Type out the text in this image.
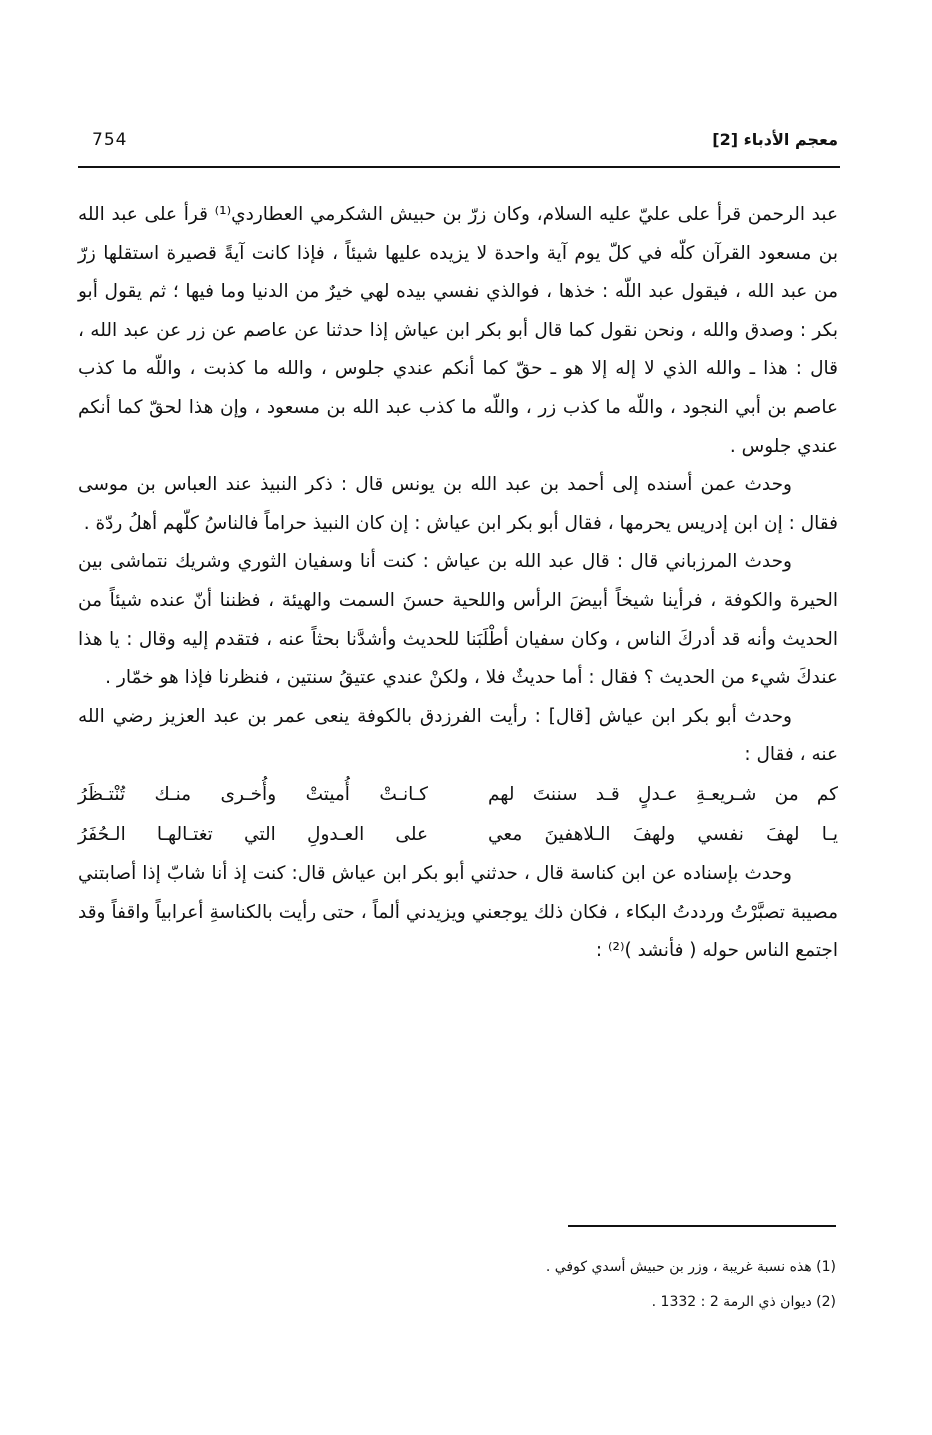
754	معجم الأدباء [2]

عبد الرحمن قرأ على عليّ عليه السلام، وكان زرّ بن حبيش الشكرمي العطاردي⁽¹⁾ قرأ على عبد الله بن مسعود القرآن كلّه في كلّ يوم آية واحدة لا يزيده عليها شيئاً ، فإذا كانت آيةً قصيرة استقلها زرّ من عبد الله ، فيقول عبد اللّه : خذها ، فوالذي نفسي بيده لهي خيرٌ من الدنيا وما فيها ؛ ثم يقول أبو بكر : وصدق والله ، ونحن نقول كما قال أبو بكر ابن عياش إذا حدثنا عن عاصم عن زر عن عبد الله ، قال : هذا ـ والله الذي لا إله إلا هو ـ حقّ كما أنكم عندي جلوس ، والله ما كذبت ، واللّه ما كذب عاصم بن أبي النجود ، واللّه ما كذب زر ، واللّه ما كذب عبد الله بن مسعود ، وإن هذا لحقّ كما أنكم عندي جلوس .

وحدث عمن أسنده إلى أحمد بن عبد الله بن يونس قال : ذكر النبيذ عند العباس بن موسى فقال : إن ابن إدريس يحرمها ، فقال أبو بكر ابن عياش : إن كان النبيذ حراماً فالناسُ كلّهم أهلُ ردّة .

وحدث المرزباني قال : قال عبد الله بن عياش : كنت أنا وسفيان الثوري وشريك نتماشى بين الحيرة والكوفة ، فرأينا شيخاً أبيضَ الرأس واللحية حسنَ السمت والهيئة ، فظننا أنّ عنده شيئاً من الحديث وأنه قد أدركَ الناس ، وكان سفيان أطْلَبَنا للحديث وأشدَّنا بحثاً عنه ، فتقدم إليه وقال : يا هذا عندكَ شيء من الحديث ؟ فقال : أما حديثٌ فلا ، ولكنْ عندي عتيقُ سنتين ، فنظرنا فإذا هو خمّار .

وحدث أبو بكر ابن عياش [قال] : رأيت الفرزدق بالكوفة ينعى عمر بن عبد العزيز رضي الله عنه ، فقال :

كم من شـريعـةِ عـدلٍ قـد سننتَ لهم
كـانـتْ أُميتتْ وأُخـرى منـك تُنْتـظَرُ
يـا لهفَ نفسي ولهفَ الـلاهفينَ معي
على العـدولِ التي تغتـالهـا الـحُفَرُ

وحدث بإسناده عن ابن كناسة قال ، حدثني أبو بكر ابن عياش قال: كنت إذ أنا شابّ إذا أصابتني مصيبة تصبَّرْتُ ورددتُ البكاء ، فكان ذلك يوجعني ويزيدني ألماً ، حتى رأيت بالكناسةِ أعرابياً واقفاً وقد اجتمع الناس حوله ( فأنشد )⁽²⁾ :

(1) هذه نسبة غريبة ، وزر بن حبيش أسدي كوفي .

(2) ديوان ذي الرمة 2 : 1332 .
